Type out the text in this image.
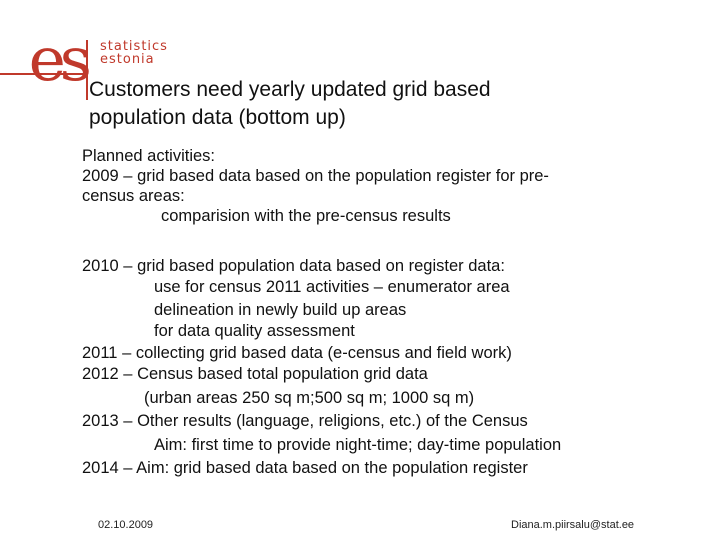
es statistics
estonia
Customers need yearly updated grid based
population data (bottom up)
Planned activities:
2009 – grid based data based on the population register for pre-
census areas:
comparision with the pre-census results
2010 – grid based population data based on register data:
use for census 2011 activities – enumerator area
delineation in newly build up areas
for data quality assessment
2011 – collecting grid based data (e-census and field work)
2012 – Census based total population grid data
(urban areas 250 sq m;500 sq m; 1000 sq m)
2013 – Other results (language, religions, etc.) of the Census
Aim: first time to provide night-time; day-time population
2014 – Aim: grid based data based on the population register
02.10.2009	Diana.m.piirsalu@stat.ee
